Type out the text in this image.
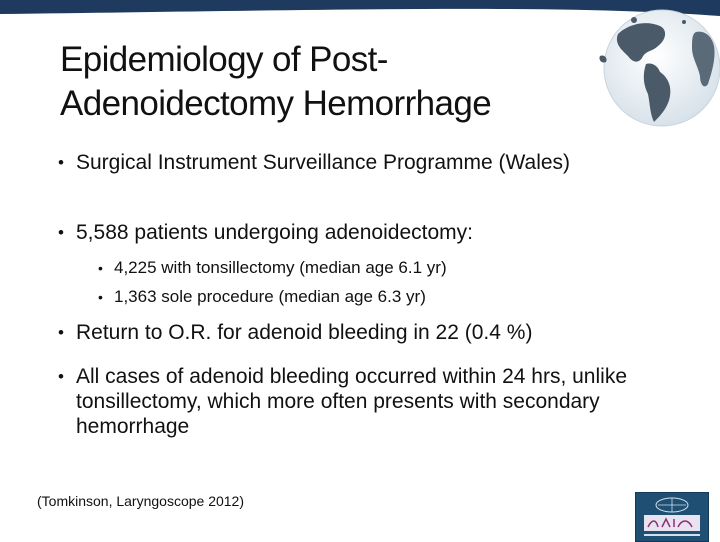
Epidemiology of Post-
Adenoidectomy Hemorrhage
• Surgical Instrument Surveillance Programme (Wales)
• 5,588 patients undergoing adenoidectomy:
• 4,225 with tonsillectomy (median age 6.1 yr)
• 1,363 sole procedure (median age 6.3 yr)
• Return to O.R. for adenoid bleeding in 22 (0.4 %)
• All cases of adenoid bleeding occurred within 24 hrs, unlike tonsillectomy, which more often presents with secondary hemorrhage
(Tomkinson, Laryngoscope 2012)
